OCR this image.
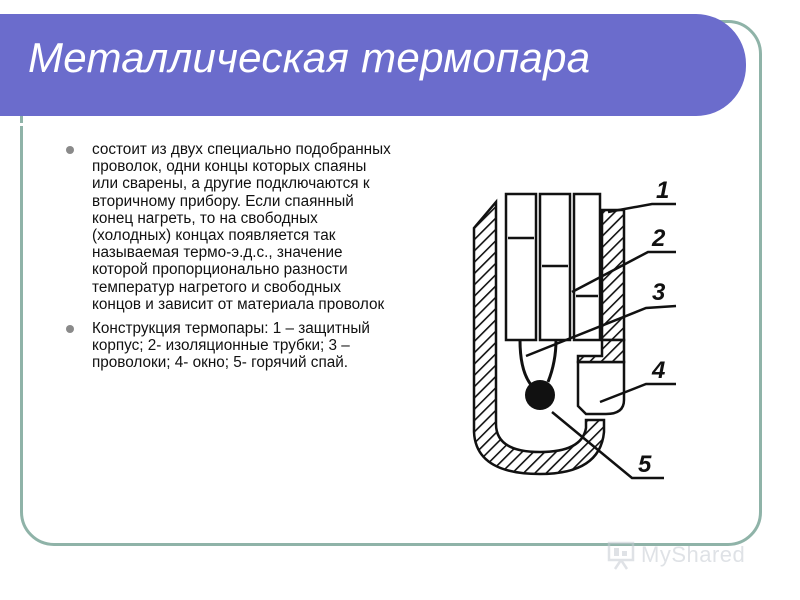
Металлическая термопара
состоит из двух специально подобранных проволок, одни концы которых спаяны или сварены, а другие подключаются к вторичному прибору. Если спаянный конец нагреть, то на свободных (холодных) концах появляется так называемая термо-э.д.с., значение которой пропорционально разности температур нагретого и свободных концов и зависит от материала проволок
Конструкция термопары: 1 – защитный корпус; 2- изоляционные трубки; 3 – проволоки; 4- окно; 5- горячий спай.
1
2
3
4
5
MyShared
